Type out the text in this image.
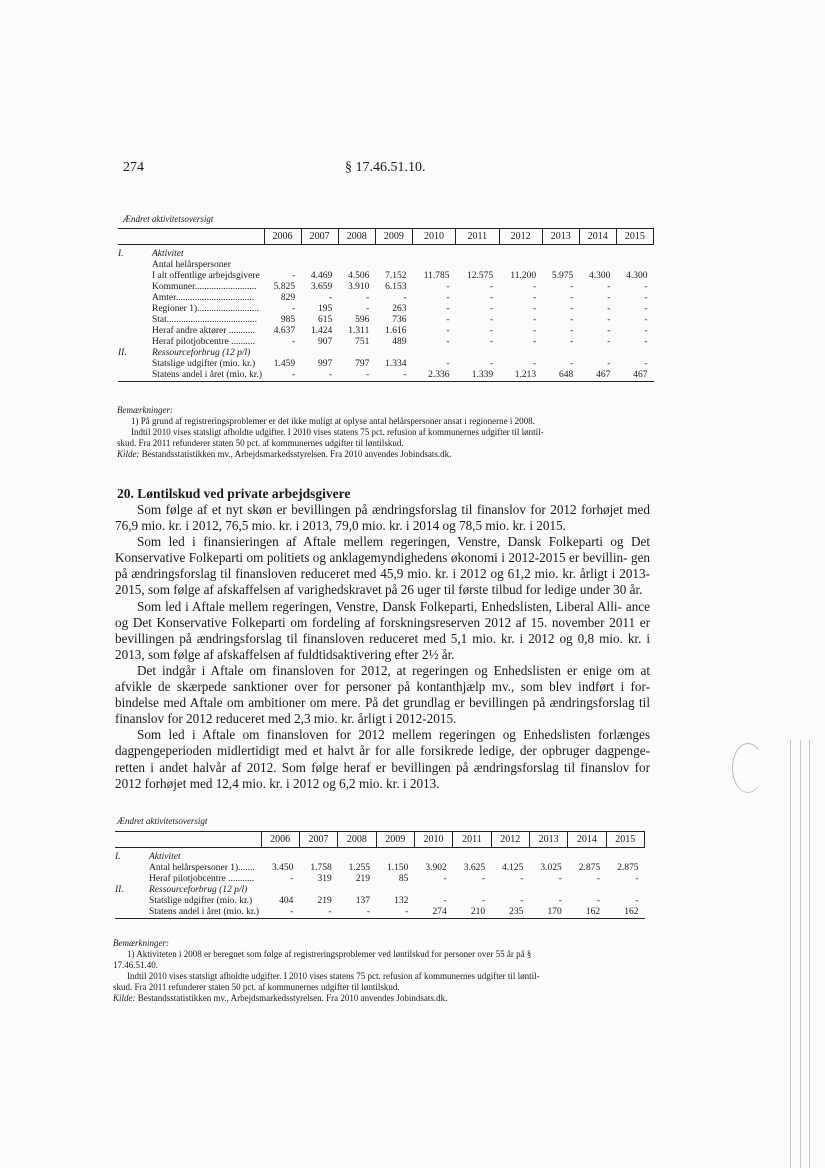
274	§ 17.46.51.10.
Ændret aktivitetsoversigt
		2006	2007	2008	2009	2010	2011	2012	2013	2014	2015

I.	Aktivitet										
	Antal helårspersoner										
	I alt offentlige arbejdsgivere	-	4.469	4.506	7.152	11.785	12.575	11.200	5.975	4.300	4.300
	Kommuner..........................	5.825	3.659	3.910	6.153	-	-	-	-	-	-
	Amter.................................	829	-	-	-	-	-	-	-	-	-
	Regioner 1)..........................	-	195	-	263	-	-	-	-	-	-
	Stat......................................	985	615	596	736	-	-	-	-	-	-
	Heraf andre aktører ...........	4.637	1.424	1.311	1.616	-	-	-	-	-	-
	Heraf pilotjobcentre ..........	-	907	751	489	-	-	-	-	-	-
II.	Ressourceforbrug (12 p/l)										
	Statslige udgifter (mio. kr.)	1.459	997	797	1.334	-	-	-	-	-	-
	Statens andel i året (mio. kr.)	-	-	-	-	2.336	1.339	1.213	648	467	467
Bemærkninger:
1) På grund af registreringsproblemer er det ikke muligt at oplyse antal helårspersoner ansat i regionerne i 2008.
Indtil 2010 vises statsligt afholdte udgifter. I 2010 vises statens 75 pct. refusion af kommunernes udgifter til løntil-
skud. Fra 2011 refunderer staten 50 pct. af kommunernes udgifter til løntilskud.
Kilde: Bestandsstatistikken mv., Arbejdsmarkedsstyrelsen. Fra 2010 anvendes Jobindsats.dk.
20. Løntilskud ved private arbejdsgivere

Som følge af et nyt skøn er bevillingen på ændringsforslag til finanslov for 2012 forhøjet med 76,9 mio. kr. i 2012, 76,5 mio. kr. i 2013, 79,0 mio. kr. i 2014 og 78,5 mio. kr. i 2015.

Som led i finansieringen af Aftale mellem regeringen, Venstre, Dansk Folkeparti og Det Konservative Folkeparti om politiets og anklagemyndighedens økonomi i 2012-2015 er bevillin- gen på ændringsforslag til finansloven reduceret med 45,9 mio. kr. i 2012 og 61,2 mio. kr. årligt i 2013-2015, som følge af afskaffelsen af varighedskravet på 26 uger til første tilbud for ledige under 30 år.

Som led i Aftale mellem regeringen, Venstre, Dansk Folkeparti, Enhedslisten, Liberal Alli- ance og Det Konservative Folkeparti om fordeling af forskningsreserven 2012 af 15. november 2011 er bevillingen på ændringsforslag til finansloven reduceret med 5,1 mio. kr. i 2012 og 0,8 mio. kr. i 2013, som følge af afskaffelsen af fuldtidsaktivering efter 2½ år.

Det indgår i Aftale om finansloven for 2012, at regeringen og Enhedslisten er enige om at afvikle de skærpede sanktioner over for personer på kontanthjælp mv., som blev indført i for- bindelse med Aftale om ambitioner om mere. På det grundlag er bevillingen på ændringsforslag til finanslov for 2012 reduceret med 2,3 mio. kr. årligt i 2012-2015.

Som led i Aftale om finansloven for 2012 mellem regeringen og Enhedslisten forlænges dagpengeperioden midlertidigt med et halvt år for alle forsikrede ledige, der opbruger dagpenge- retten i andet halvår af 2012. Som følge heraf er bevillingen på ændringsforslag til finanslov for 2012 forhøjet med 12,4 mio. kr. i 2012 og 6,2 mio. kr. i 2013.

Ændret aktivitetsoversigt
		2006	2007	2008	2009	2010	2011	2012	2013	2014	2015

I.	Aktivitet										
	Antal helårspersoner 1).......	3.450	1.758	1.255	1.150	3.902	3.625	4.125	3.025	2.875	2.875
	Heraf pilotjobcentre ...........	-	319	219	85	-	-	-	-	-	-
II.	Ressourceforbrug (12 p/l)										
	Statslige udgifter (mio. kr.)	404	219	137	132	-	-	-	-	-	-
	Statens andel i året (mio. kr.)	-	-	-	-	274	210	235	170	162	162
Bemærkninger:
1) Aktiviteten i 2008 er beregnet som følge af registreringsproblemer ved løntilskud for personer over 55 år på §
17.46.51.40.
Indtil 2010 vises statsligt afholdte udgifter. I 2010 vises statens 75 pct. refusion af kommunernes udgifter til løntil-
skud. Fra 2011 refunderer staten 50 pct. af kommunernes udgifter til løntilskud.
Kilde: Bestandsstatistikken mv., Arbejdsmarkedsstyrelsen. Fra 2010 anvendes Jobindsats.dk.
